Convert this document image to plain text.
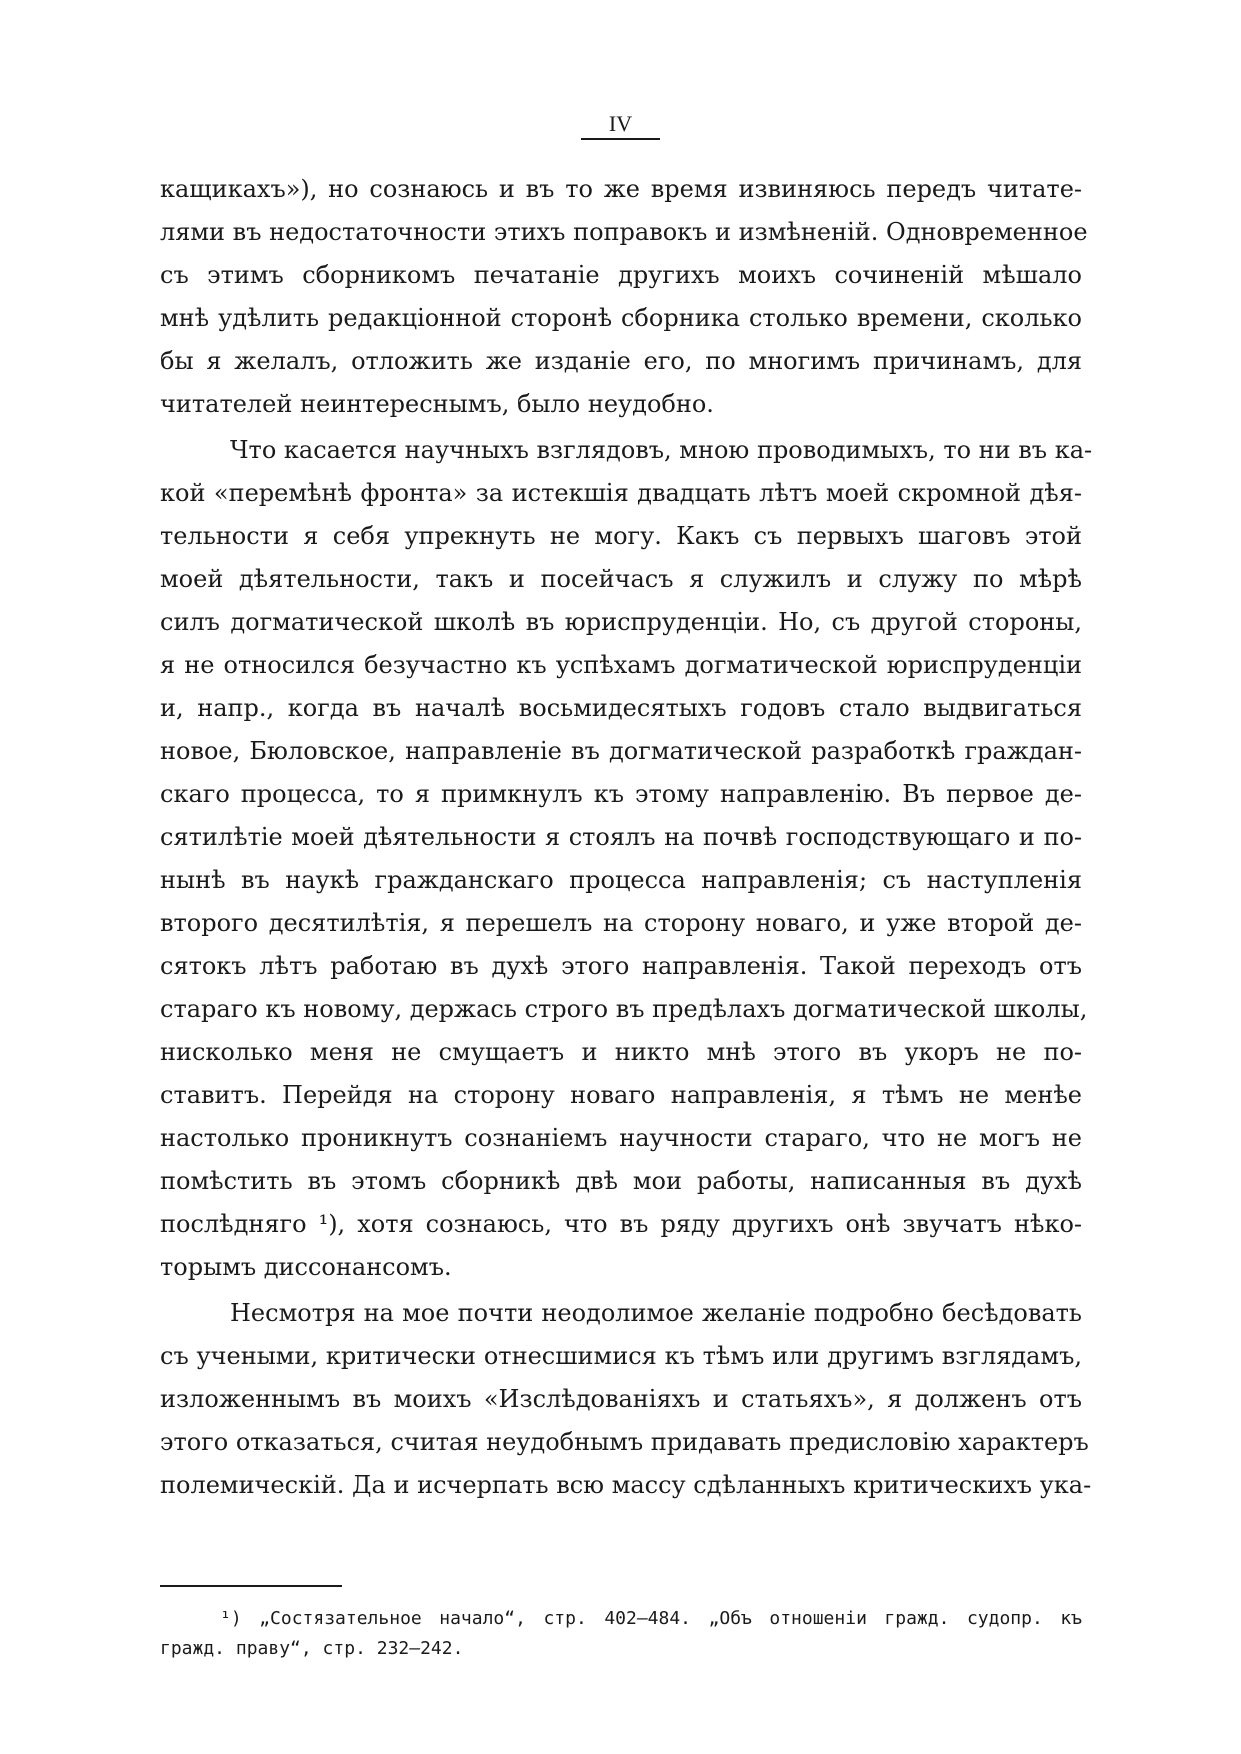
IV
кащикахъ»), но сознаюсь и въ то же время извиняюсь передъ читате-
лями въ недостаточности этихъ поправокъ и измѣненій. Одновременное
съ этимъ сборникомъ печатаніе другихъ моихъ сочиненій мѣшало
мнѣ удѣлить редакціонной сторонѣ сборника столько времени, сколько
бы я желалъ, отложить же изданіе его, по многимъ причинамъ, для
читателей неинтереснымъ, было неудобно.
Что касается научныхъ взглядовъ, мною проводимыхъ, то ни въ ка-
кой «перемѣнѣ фронта» за истекшія двадцать лѣтъ моей скромной дѣя-
тельности я себя упрекнуть не могу. Какъ съ первыхъ шаговъ этой
моей дѣятельности, такъ и посейчасъ я служилъ и служу по мѣрѣ
силъ догматической школѣ въ юриспруденціи. Но, съ другой стороны,
я не относился безучастно къ успѣхамъ догматической юриспруденціи
и, напр., когда въ началѣ восьмидесятыхъ годовъ стало выдвигаться
новое, Бюловское, направленіе въ догматической разработкѣ граждан-
скаго процесса, то я примкнулъ къ этому направленію. Въ первое де-
сятилѣтіе моей дѣятельности я стоялъ на почвѣ господствующаго и по-
нынѣ въ наукѣ гражданскаго процесса направленія; съ наступленія
второго десятилѣтія, я перешелъ на сторону новаго, и уже второй де-
сятокъ лѣтъ работаю въ духѣ этого направленія. Такой переходъ отъ
стараго къ новому, держась строго въ предѣлахъ догматической школы,
нисколько меня не смущаетъ и никто мнѣ этого въ укоръ не по-
ставитъ. Перейдя на сторону новаго направленія, я тѣмъ не менѣе
настолько проникнутъ сознаніемъ научности стараго, что не могъ не
помѣстить въ этомъ сборникѣ двѣ мои работы, написанныя въ духѣ
послѣдняго ¹), хотя сознаюсь, что въ ряду другихъ онѣ звучатъ нѣко-
торымъ диссонансомъ.
Несмотря на мое почти неодолимое желаніе подробно бесѣдовать
съ учеными, критически отнесшимися къ тѣмъ или другимъ взглядамъ,
изложеннымъ въ моихъ «Изслѣдованіяхъ и статьяхъ», я долженъ отъ
этого отказаться, считая неудобнымъ придавать предисловію характеръ
полемическій. Да и исчерпать всю массу сдѣланныхъ критическихъ ука-
¹) „Состязательное начало“, стр. 402—484. „Объ отношеніи гражд. судопр. къ
гражд. праву“, стр. 232—242.
